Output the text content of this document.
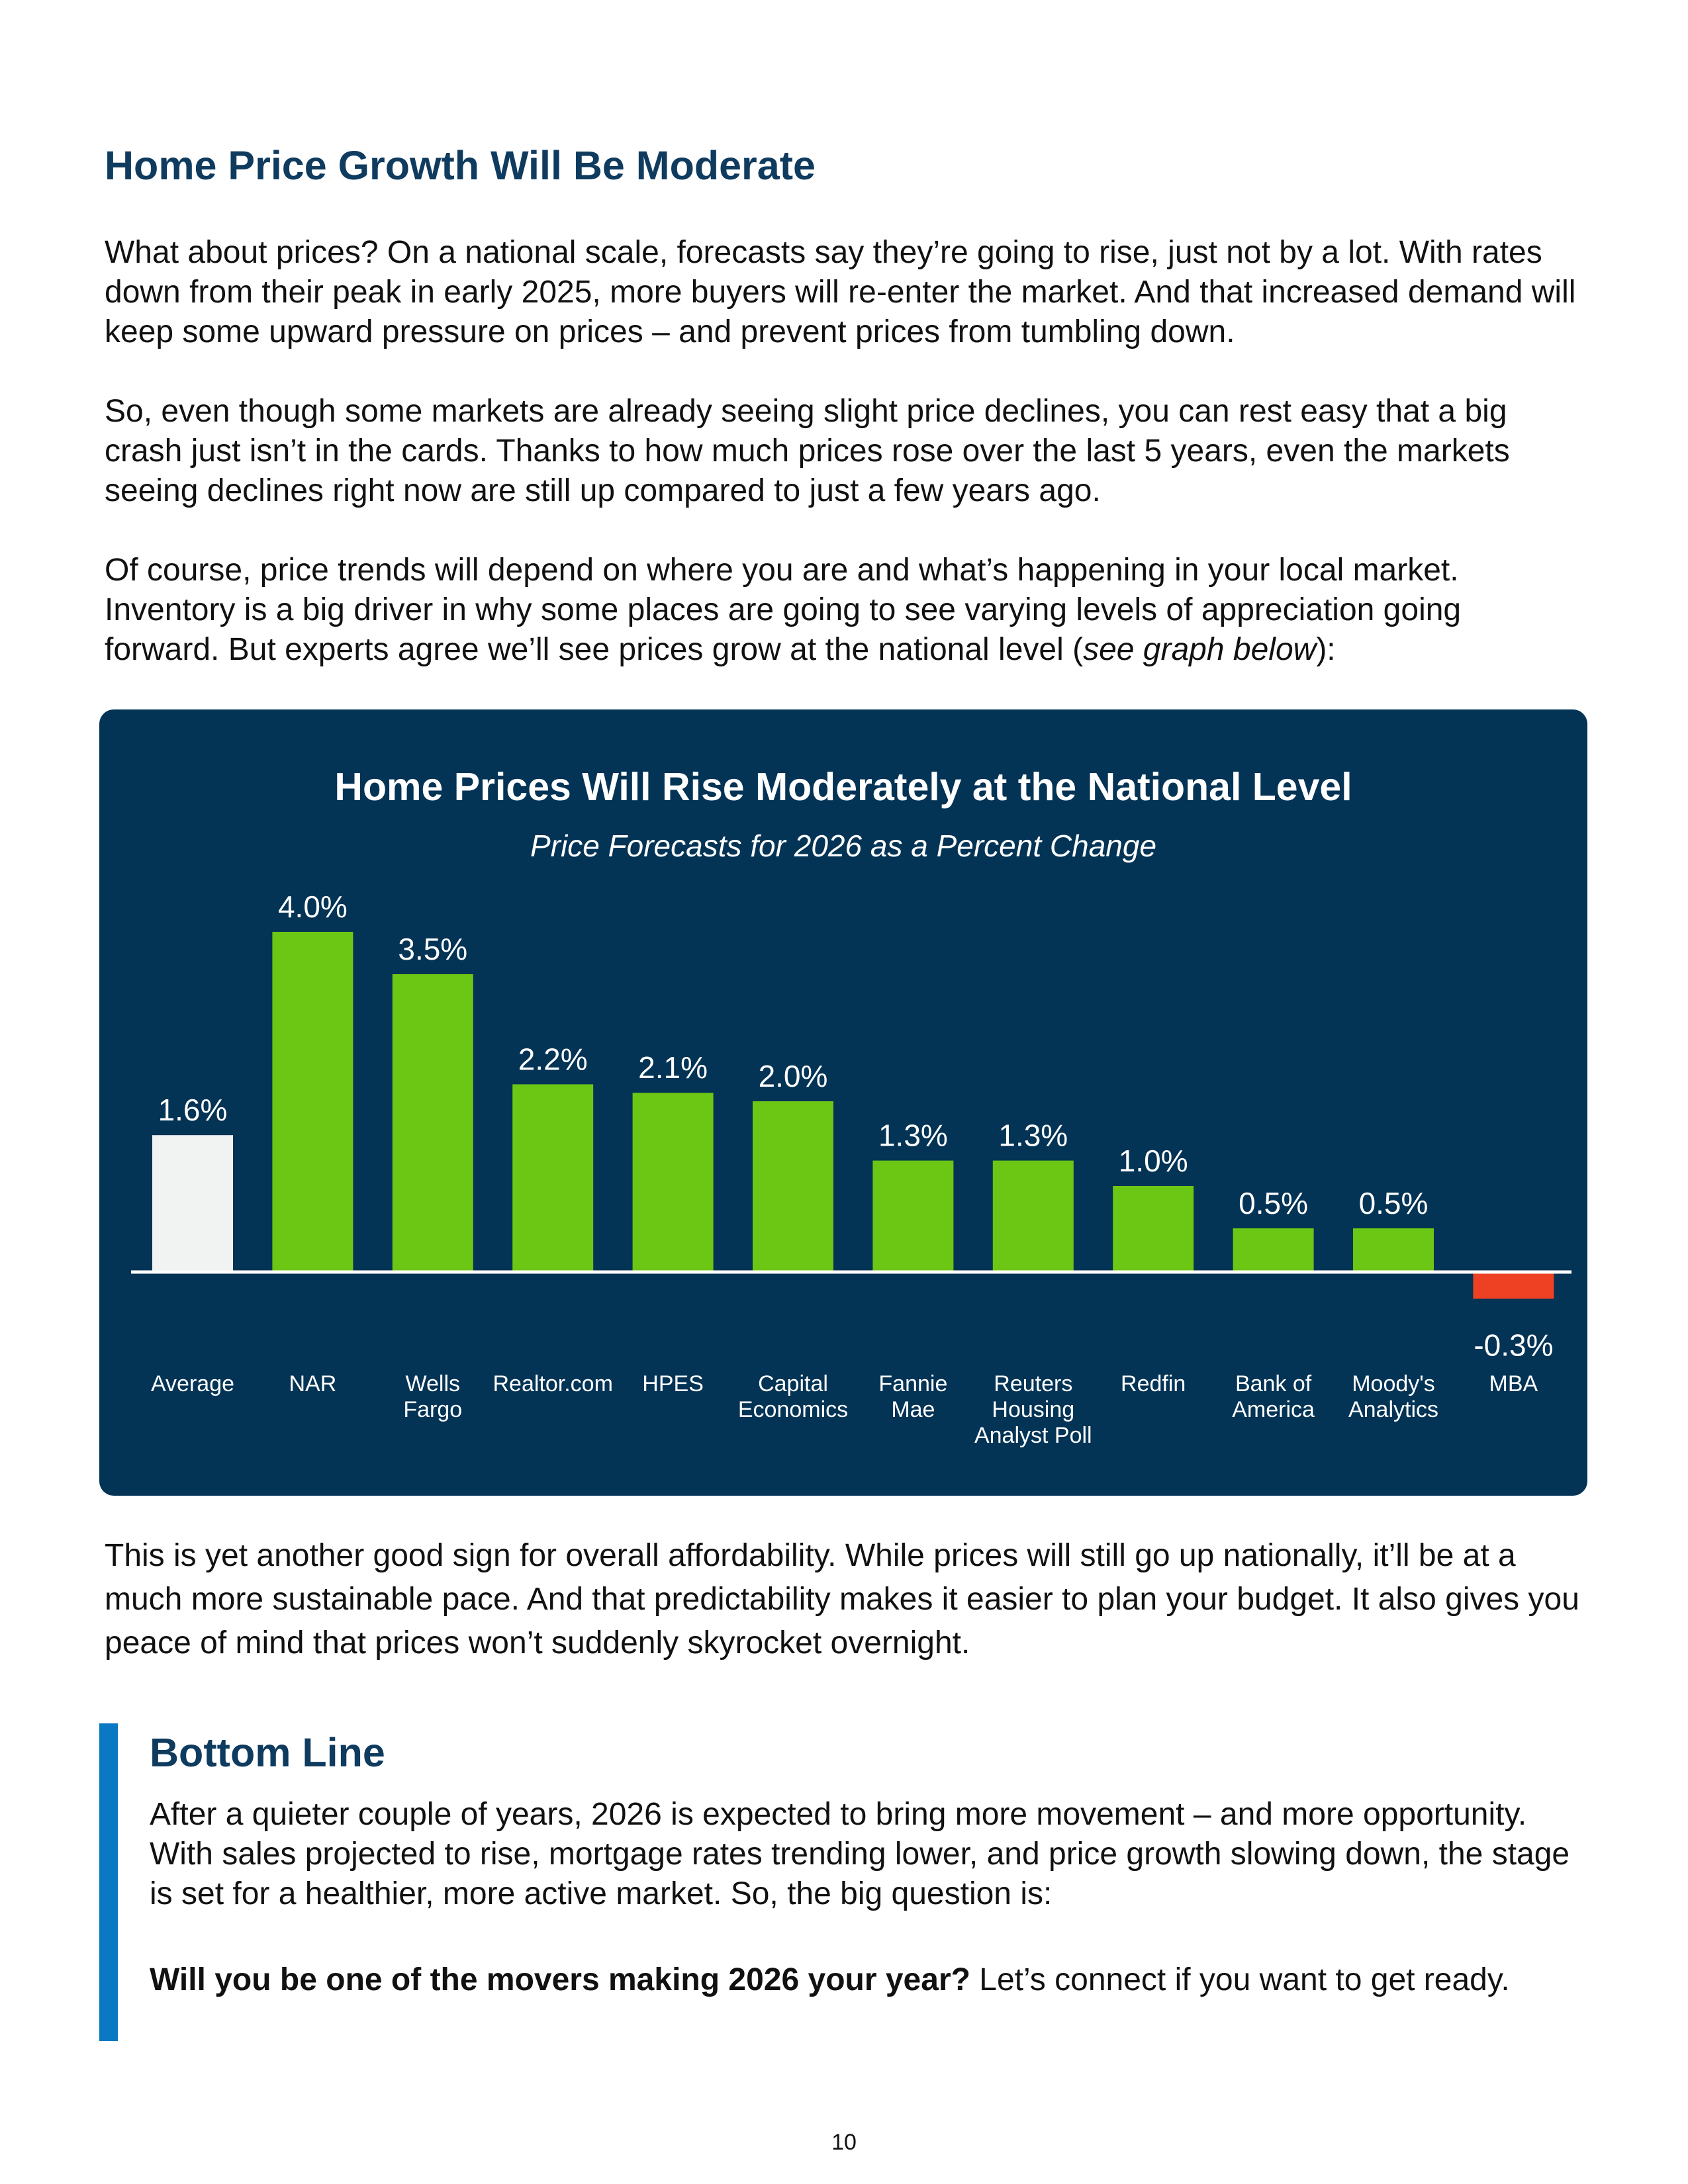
Home Price Growth Will Be Moderate

What about prices? On a national scale, forecasts say they’re going to rise, just not by a lot. With rates down from their peak in early 2025, more buyers will re-enter the market. And that increased demand will keep some upward pressure on prices – and prevent prices from tumbling down.

So, even though some markets are already seeing slight price declines, you can rest easy that a big crash just isn’t in the cards. Thanks to how much prices rose over the last 5 years, even the markets seeing declines right now are still up compared to just a few years ago.

Of course, price trends will depend on where you are and what’s happening in your local market. Inventory is a big driver in why some places are going to see varying levels of appreciation going forward. But experts agree we’ll see prices grow at the national level (see graph below):

Home Prices Will Rise Moderately at the National Level
Price Forecasts for 2026 as a Percent Change
1.6%
Average
4.0%
NAR
3.5%
Wells Fargo
2.2%
Realtor.com
2.1%
HPES
2.0%
Capital Economics
1.3%
Fannie Mae
1.3%
Reuters Housing Analyst Poll
1.0%
Redfin
0.5%
Bank of America
0.5%
Moody's Analytics
-0.3%
MBA

This is yet another good sign for overall affordability. While prices will still go up nationally, it’ll be at a much more sustainable pace. And that predictability makes it easier to plan your budget. It also gives you peace of mind that prices won’t suddenly skyrocket overnight.

Bottom Line

After a quieter couple of years, 2026 is expected to bring more movement – and more opportunity. With sales projected to rise, mortgage rates trending lower, and price growth slowing down, the stage is set for a healthier, more active market. So, the big question is:

Will you be one of the movers making 2026 your year? Let’s connect if you want to get ready.

10
